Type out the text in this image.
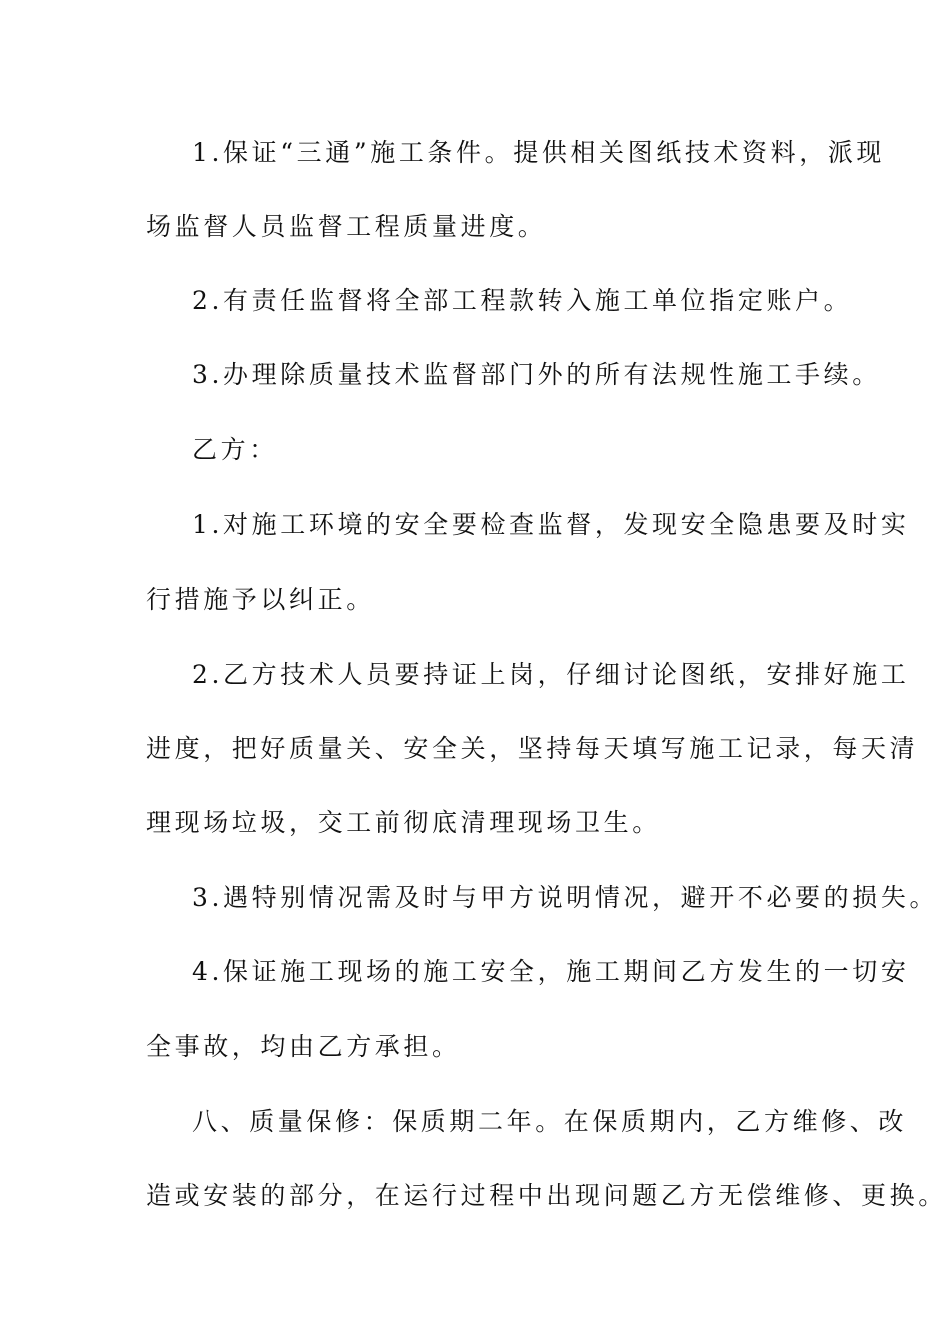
1.保证“三通”施工条件。提供相关图纸技术资料，派现
场监督人员监督工程质量进度。
2.有责任监督将全部工程款转入施工单位指定账户。
3.办理除质量技术监督部门外的所有法规性施工手续。
乙方：
1.对施工环境的安全要检查监督，发现安全隐患要及时实
行措施予以纠正。
2.乙方技术人员要持证上岗，仔细讨论图纸，安排好施工
进度，把好质量关、安全关，坚持每天填写施工记录，每天清
理现场垃圾，交工前彻底清理现场卫生。
3.遇特别情况需及时与甲方说明情况，避开不必要的损失。
4.保证施工现场的施工安全，施工期间乙方发生的一切安
全事故，均由乙方承担。
八、质量保修：保质期二年。在保质期内，乙方维修、改
造或安装的部分，在运行过程中出现问题乙方无偿维修、更换。
